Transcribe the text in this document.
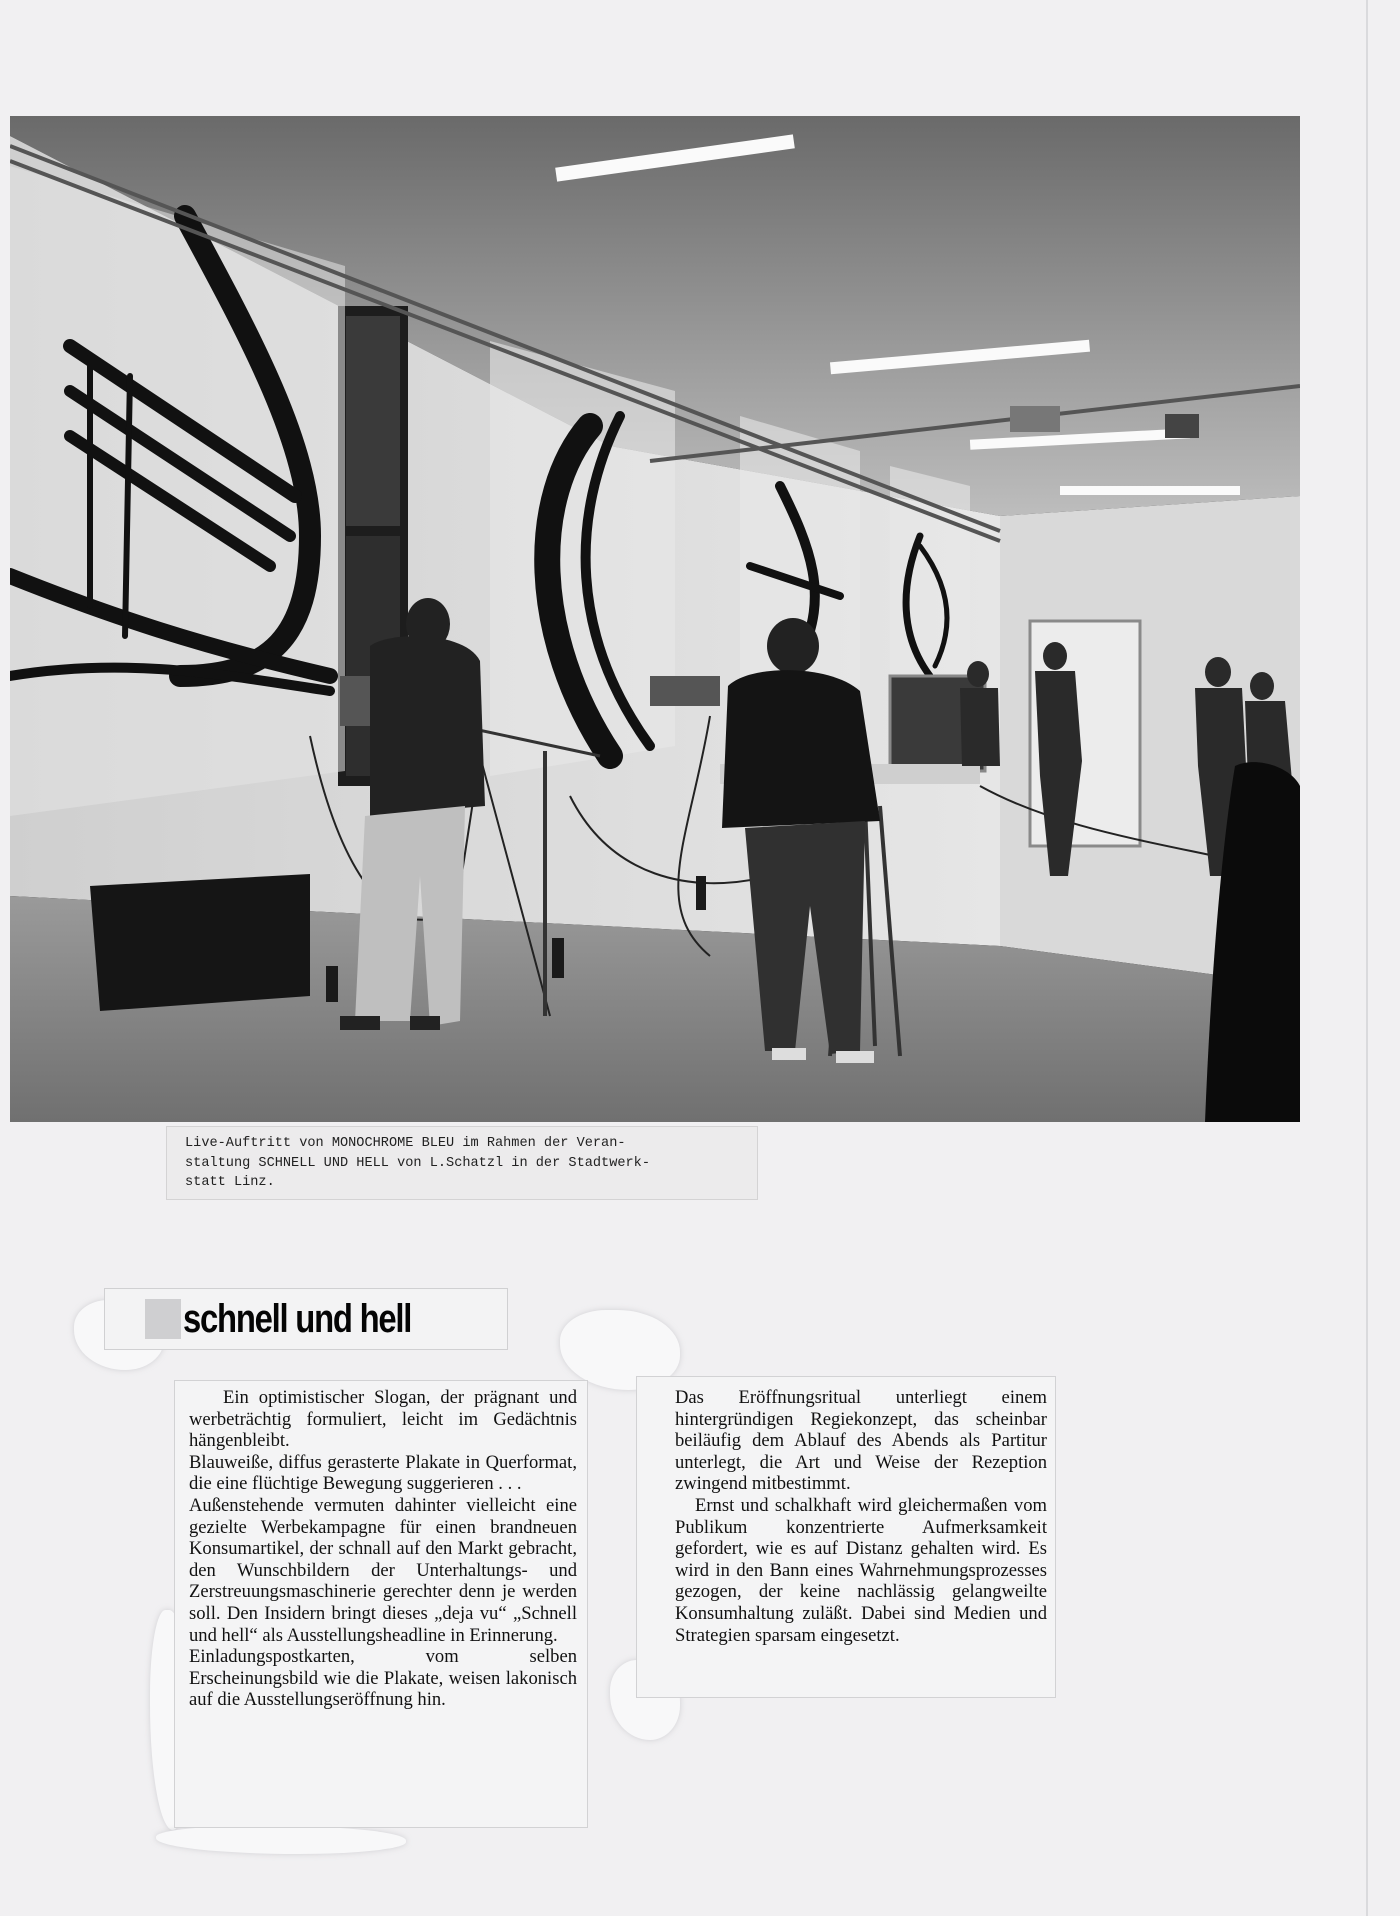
Live-Auftritt von MONOCHROME BLEU im Rahmen der Veran-
staltung SCHNELL UND HELL von L.Schatzl in der Stadtwerk-
statt Linz.
schnell und hell

Ein optimistischer Slogan, der prägnant und werbeträchtig formuliert, leicht im Gedächtnis hängenbleibt.

Blauweiße, diffus gerasterte Plakate in Querformat, die eine flüchtige Bewegung suggerieren . . .

Außenstehende vermuten dahinter vielleicht eine gezielte Werbekampagne für einen brandneuen Konsumartikel, der schnall auf den Markt gebracht, den Wunschbildern der Unterhaltungs- und Zerstreuungsmaschinerie gerechter denn je werden soll. Den Insidern bringt dieses „deja vu“ „Schnell und hell“ als Ausstellungsheadline in Erinnerung.

Einladungspostkarten, vom selben Erscheinungsbild wie die Plakate, weisen lakonisch auf die Ausstellungseröffnung hin.

Das Eröffnungsritual unterliegt einem hintergründigen Regiekonzept, das scheinbar beiläufig dem Ablauf des Abends als Partitur unterlegt, die Art und Weise der Rezeption zwingend mitbestimmt.

Ernst und schalkhaft wird gleichermaßen vom Publikum konzentrierte Aufmerksamkeit gefordert, wie es auf Distanz gehalten wird. Es wird in den Bann eines Wahrnehmungsprozesses gezogen, der keine nachlässig gelangweilte Konsumhaltung zuläßt. Dabei sind Medien und Strategien sparsam eingesetzt.
